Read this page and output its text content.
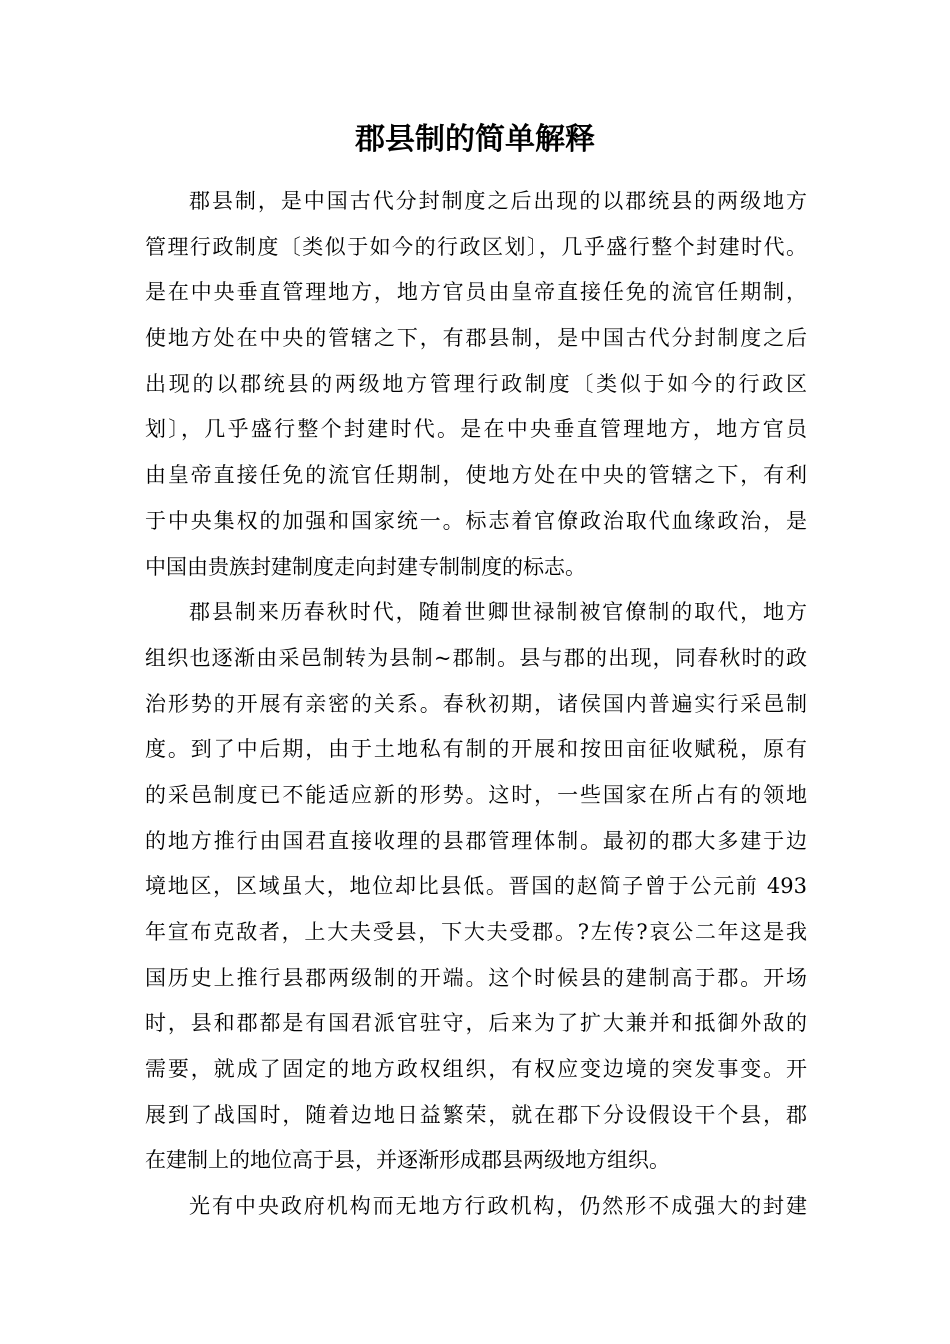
郡县制的简单解释
郡县制，是中国古代分封制度之后出现的以郡统县的两级地方
管理行政制度〔类似于如今的行政区划〕，几乎盛行整个封建时代。
是在中央垂直管理地方，地方官员由皇帝直接任免的流官任期制，
使地方处在中央的管辖之下，有郡县制，是中国古代分封制度之后
出现的以郡统县的两级地方管理行政制度〔类似于如今的行政区
划〕，几乎盛行整个封建时代。是在中央垂直管理地方，地方官员
由皇帝直接任免的流官任期制，使地方处在中央的管辖之下，有利
于中央集权的加强和国家统一。标志着官僚政治取代血缘政治，是
中国由贵族封建制度走向封建专制制度的标志。
郡县制来历春秋时代，随着世卿世禄制被官僚制的取代，地方
组织也逐渐由采邑制转为县制~郡制。县与郡的出现，同春秋时的政
治形势的开展有亲密的关系。春秋初期，诸侯国内普遍实行采邑制
度。到了中后期，由于土地私有制的开展和按田亩征收赋税，原有
的采邑制度已不能适应新的形势。这时，一些国家在所占有的领地
的地方推行由国君直接收理的县郡管理体制。最初的郡大多建于边
境地区，区域虽大，地位却比县低。晋国的赵简子曾于公元前 493
年宣布克敌者，上大夫受县，下大夫受郡。?左传?哀公二年这是我
国历史上推行县郡两级制的开端。这个时候县的建制高于郡。开场
时，县和郡都是有国君派官驻守，后来为了扩大兼并和抵御外敌的
需要，就成了固定的地方政权组织，有权应变边境的突发事变。开
展到了战国时，随着边地日益繁荣，就在郡下分设假设干个县，郡
在建制上的地位高于县，并逐渐形成郡县两级地方组织。
光有中央政府机构而无地方行政机构，仍然形不成强大的封建
